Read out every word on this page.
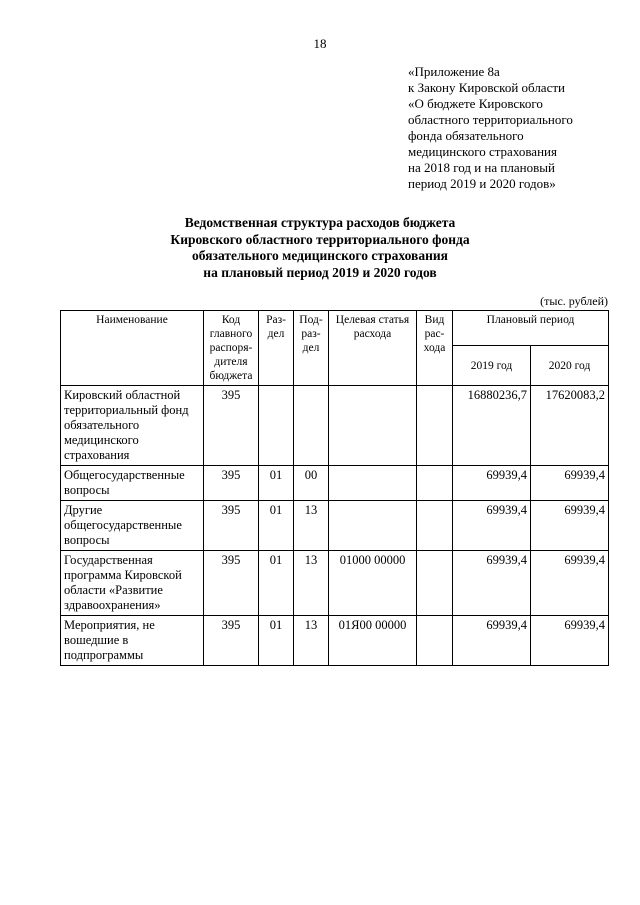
18
«Приложение 8а
к Закону Кировской области
«О бюджете Кировского
областного территориального
фонда обязательного
медицинского страхования
на 2018 год и на плановый
период 2019 и 2020 годов»
Ведомственная структура расходов бюджета
Кировского областного территориального фонда
обязательного медицинского страхования
на плановый период 2019 и 2020 годов
(тыс. рублей)
Наименование	Код главного распоря-дителя бюджета	Раз-дел	Под-раз-дел	Целевая статья расхода	Вид рас-хода	Плановый период	
						2019 год	2020 год
Кировский областной территориальный фонд обязательного медицинского страхования	395					16880236,7	17620083,2
Общегосударственные вопросы	395	01	00			69939,4	69939,4
Другие общегосударственные вопросы	395	01	13			69939,4	69939,4
Государственная программа Кировской области «Развитие здравоохранения»	395	01	13	01000 00000		69939,4	69939,4
Мероприятия, не вошедшие в подпрограммы	395	01	13	01Я00 00000		69939,4	69939,4
